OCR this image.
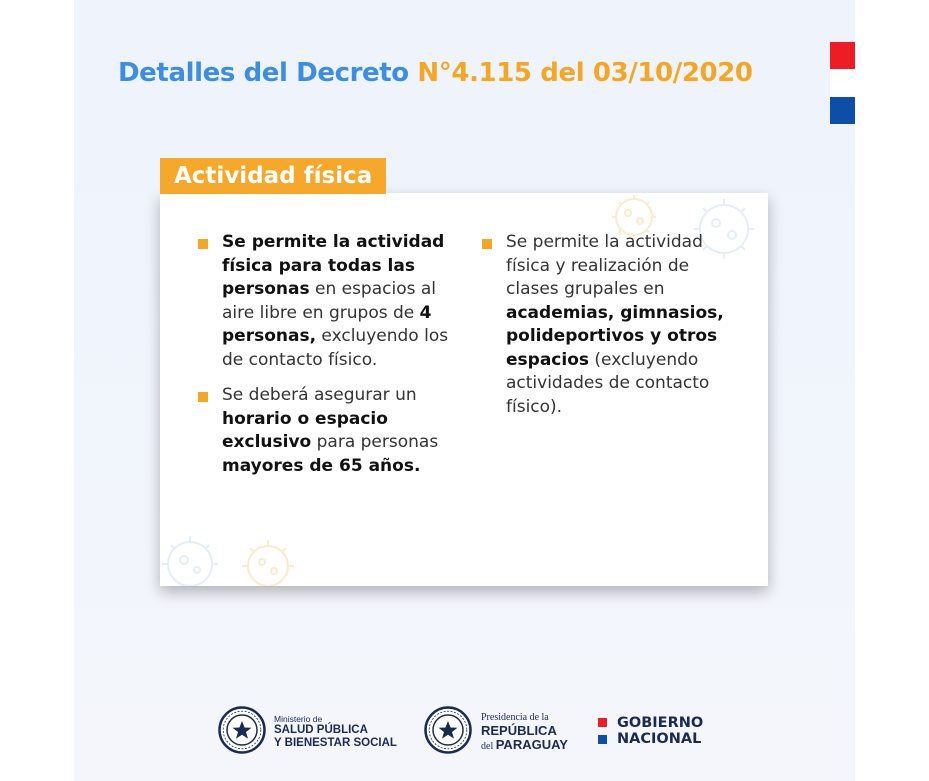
Detalles del Decreto N°4.115 del 03/10/2020
Actividad física
Se permite la actividad física para todas las personas en espacios al aire libre en grupos de 4 personas, excluyendo los de contacto físico.
Se deberá asegurar un horario o espacio exclusivo para personas mayores de 65 años.
Se permite la actividad física y realización de clases grupales en academias, gimnasios, polideportivos y otros espacios (excluyendo actividades de contacto físico).
Ministerio de
SALUD PÚBLICA
Y BIENESTAR SOCIAL
Presidencia de la
REPÚBLICA
del PARAGUAY
GOBIERNO
NACIONAL
